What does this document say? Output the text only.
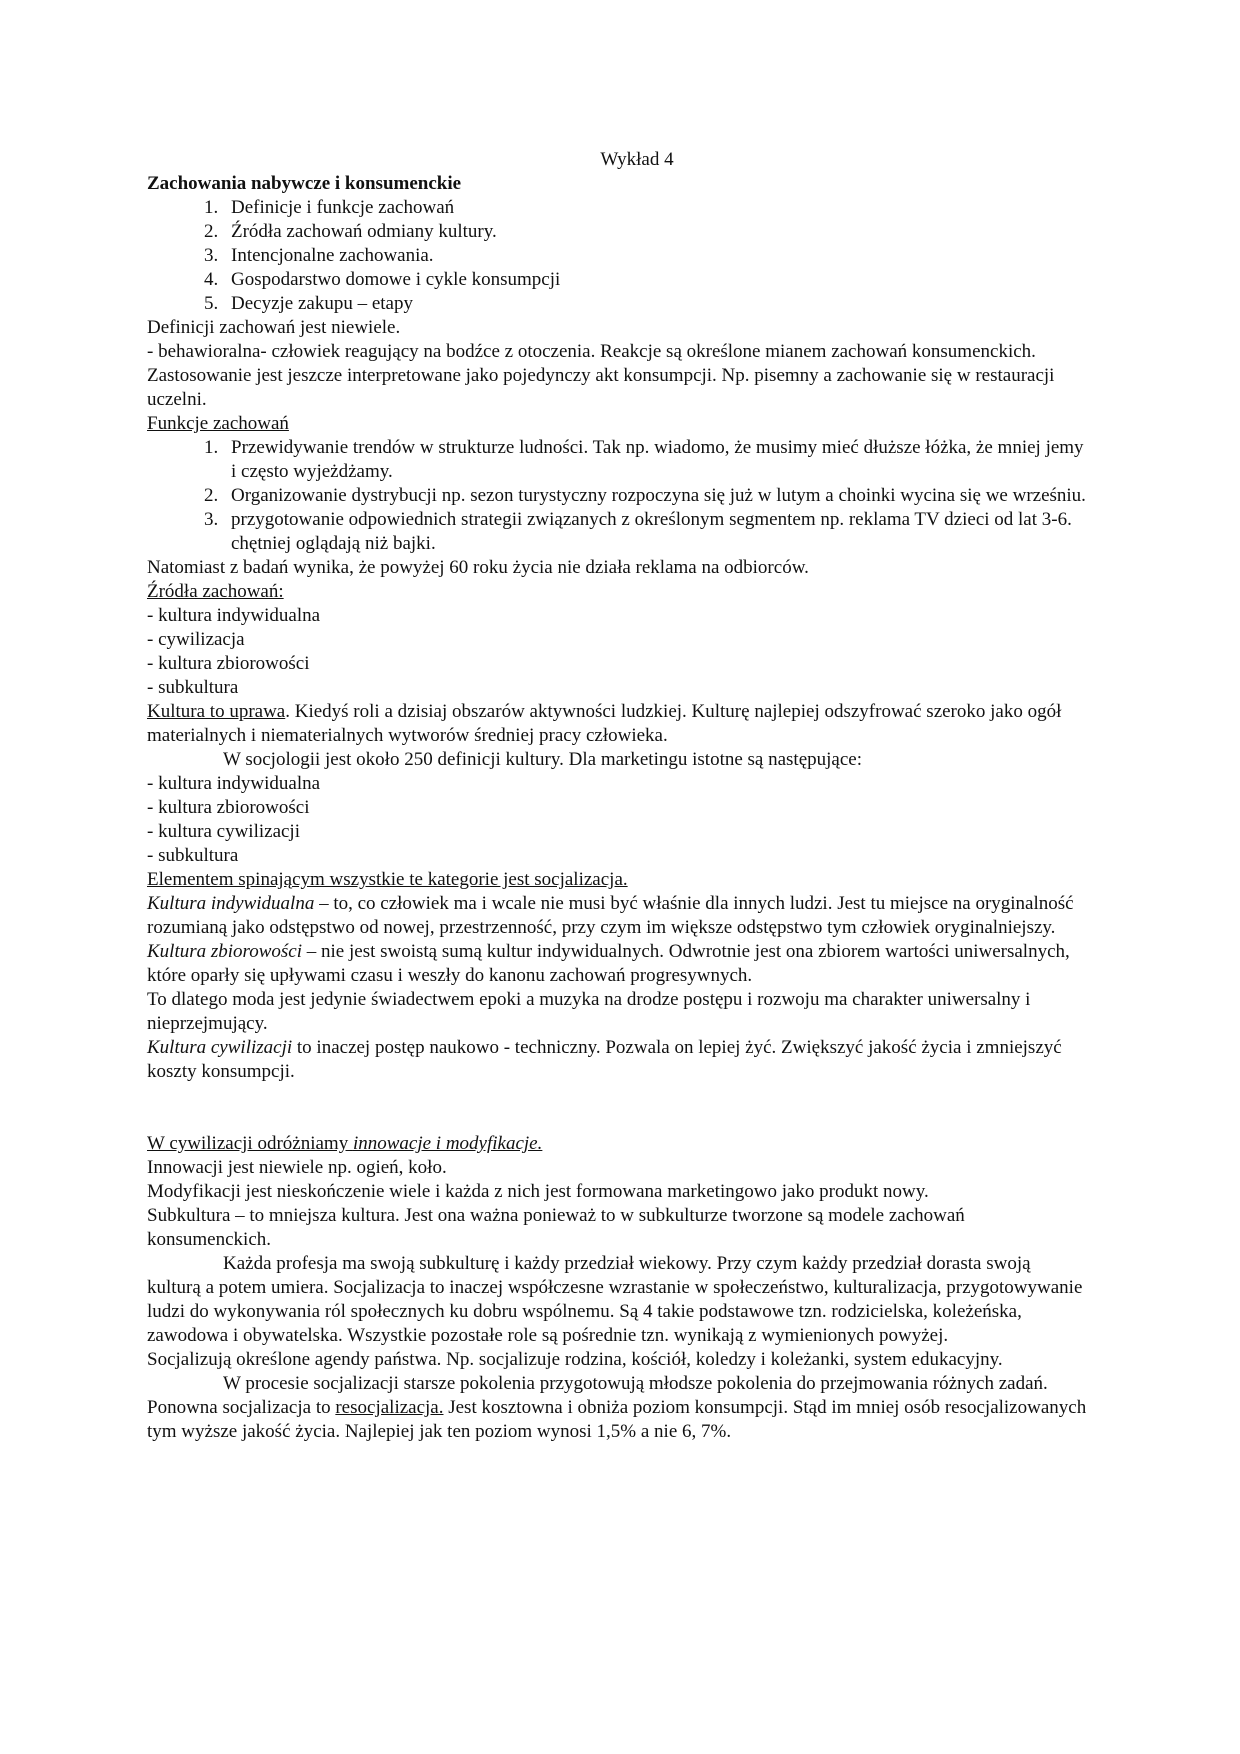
Wykład 4

Zachowania nabywcze i konsumenckie

1. Definicje i funkcje zachowań
2. Źródła zachowań odmiany kultury.
3. Intencjonalne zachowania.
4. Gospodarstwo domowe i cykle konsumpcji
5. Decyzje zakupu – etapy

Definicji zachowań jest niewiele.

- behawioralna- człowiek reagujący na bodźce z otoczenia. Reakcje są określone mianem zachowań konsumenckich.

Zastosowanie jest jeszcze interpretowane jako pojedynczy akt konsumpcji. Np. pisemny a zachowanie się w restauracji uczelni.

Funkcje zachowań

1. Przewidywanie trendów w strukturze ludności. Tak np. wiadomo, że musimy mieć dłuższe łóżka, że mniej jemy i często wyjeżdżamy.
2. Organizowanie dystrybucji np. sezon turystyczny rozpoczyna się już w lutym a choinki wycina się we wrześniu.
3. przygotowanie odpowiednich strategii związanych z określonym segmentem np. reklama TV dzieci od lat 3-6. chętniej oglądają niż bajki.

Natomiast z badań wynika, że powyżej 60 roku życia nie działa reklama na odbiorców.

Źródła zachowań:

- kultura indywidualna

- cywilizacja

- kultura zbiorowości

- subkultura

Kultura to uprawa. Kiedyś roli a dzisiaj obszarów aktywności ludzkiej. Kulturę najlepiej odszyfrować szeroko jako ogół materialnych i niematerialnych wytworów średniej pracy człowieka.

W socjologii jest około 250 definicji kultury. Dla marketingu istotne są następujące:

- kultura indywidualna

- kultura zbiorowości

- kultura cywilizacji

- subkultura

Elementem spinającym wszystkie te kategorie jest socjalizacja.

Kultura indywidualna – to, co człowiek ma i wcale nie musi być właśnie dla innych ludzi. Jest tu miejsce na oryginalność rozumianą jako odstępstwo od nowej, przestrzenność, przy czym im większe odstępstwo tym człowiek oryginalniejszy.

Kultura zbiorowości – nie jest swoistą sumą kultur indywidualnych. Odwrotnie jest ona zbiorem wartości uniwersalnych, które oparły się upływami czasu i weszły do kanonu zachowań progresywnych.

To dlatego moda jest jedynie świadectwem epoki a muzyka na drodze postępu i rozwoju ma charakter uniwersalny i nieprzejmujący.

Kultura cywilizacji to inaczej postęp naukowo - techniczny. Pozwala on lepiej żyć. Zwiększyć jakość życia i zmniejszyć koszty konsumpcji.

W cywilizacji odróżniamy innowacje i modyfikacje.

Innowacji jest niewiele np. ogień, koło.

Modyfikacji jest nieskończenie wiele i każda z nich jest formowana marketingowo jako produkt nowy.

Subkultura – to mniejsza kultura. Jest ona ważna ponieważ to w subkulturze tworzone są modele zachowań konsumenckich.

Każda profesja ma swoją subkulturę i każdy przedział wiekowy. Przy czym każdy przedział dorasta swoją kulturą a potem umiera. Socjalizacja to inaczej współczesne wzrastanie w społeczeństwo, kulturalizacja, przygotowywanie ludzi do wykonywania ról społecznych ku dobru wspólnemu. Są 4 takie podstawowe tzn. rodzicielska, koleżeńska, zawodowa i obywatelska. Wszystkie pozostałe role są pośrednie tzn. wynikają z wymienionych powyżej.

Socjalizują określone agendy państwa. Np. socjalizuje rodzina, kościół, koledzy i koleżanki, system edukacyjny.

W procesie socjalizacji starsze pokolenia przygotowują młodsze pokolenia do przejmowania różnych zadań. Ponowna socjalizacja to resocjalizacja. Jest kosztowna i obniża poziom konsumpcji. Stąd im mniej osób resocjalizowanych tym wyższe jakość życia. Najlepiej jak ten poziom wynosi 1,5% a nie 6, 7%.
